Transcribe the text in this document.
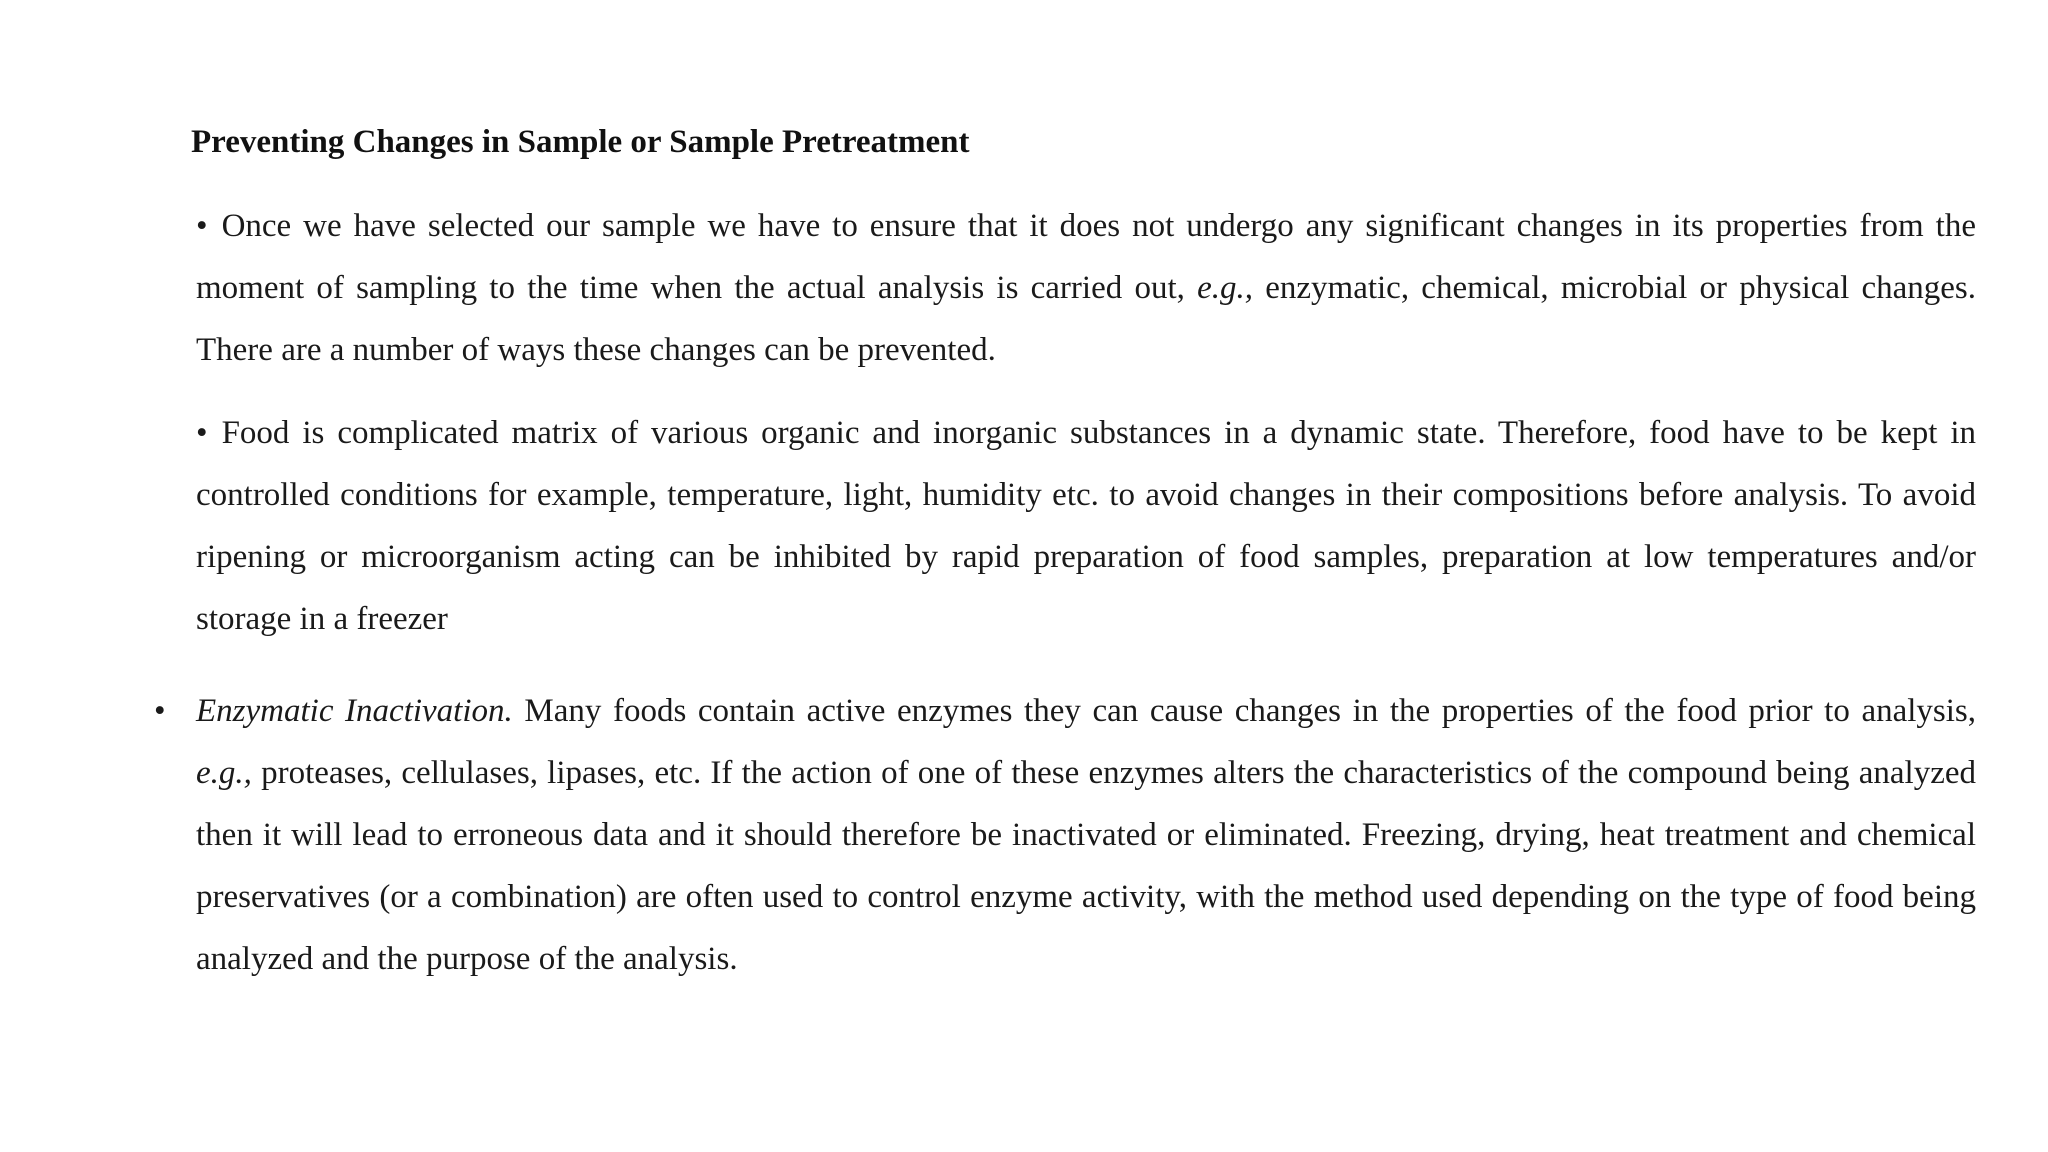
Preventing Changes in Sample or Sample Pretreatment

• Once we have selected our sample we have to ensure that it does not undergo any significant changes in its properties from the moment of sampling to the time when the actual analysis is carried out, e.g., enzymatic, chemical, microbial or physical changes. There are a number of ways these changes can be prevented.

• Food is complicated matrix of various organic and inorganic substances in a dynamic state. Therefore, food have to be kept in controlled conditions for example, temperature, light, humidity etc. to avoid changes in their compositions before analysis. To avoid ripening or microorganism acting can be inhibited by rapid preparation of food samples, preparation at low temperatures and/or storage in a freezer

• Enzymatic Inactivation. Many foods contain active enzymes they can cause changes in the properties of the food prior to analysis, e.g., proteases, cellulases, lipases, etc. If the action of one of these enzymes alters the characteristics of the compound being analyzed then it will lead to erroneous data and it should therefore be inactivated or eliminated. Freezing, drying, heat treatment and chemical preservatives (or a combination) are often used to control enzyme activity, with the method used depending on the type of food being analyzed and the purpose of the analysis.
